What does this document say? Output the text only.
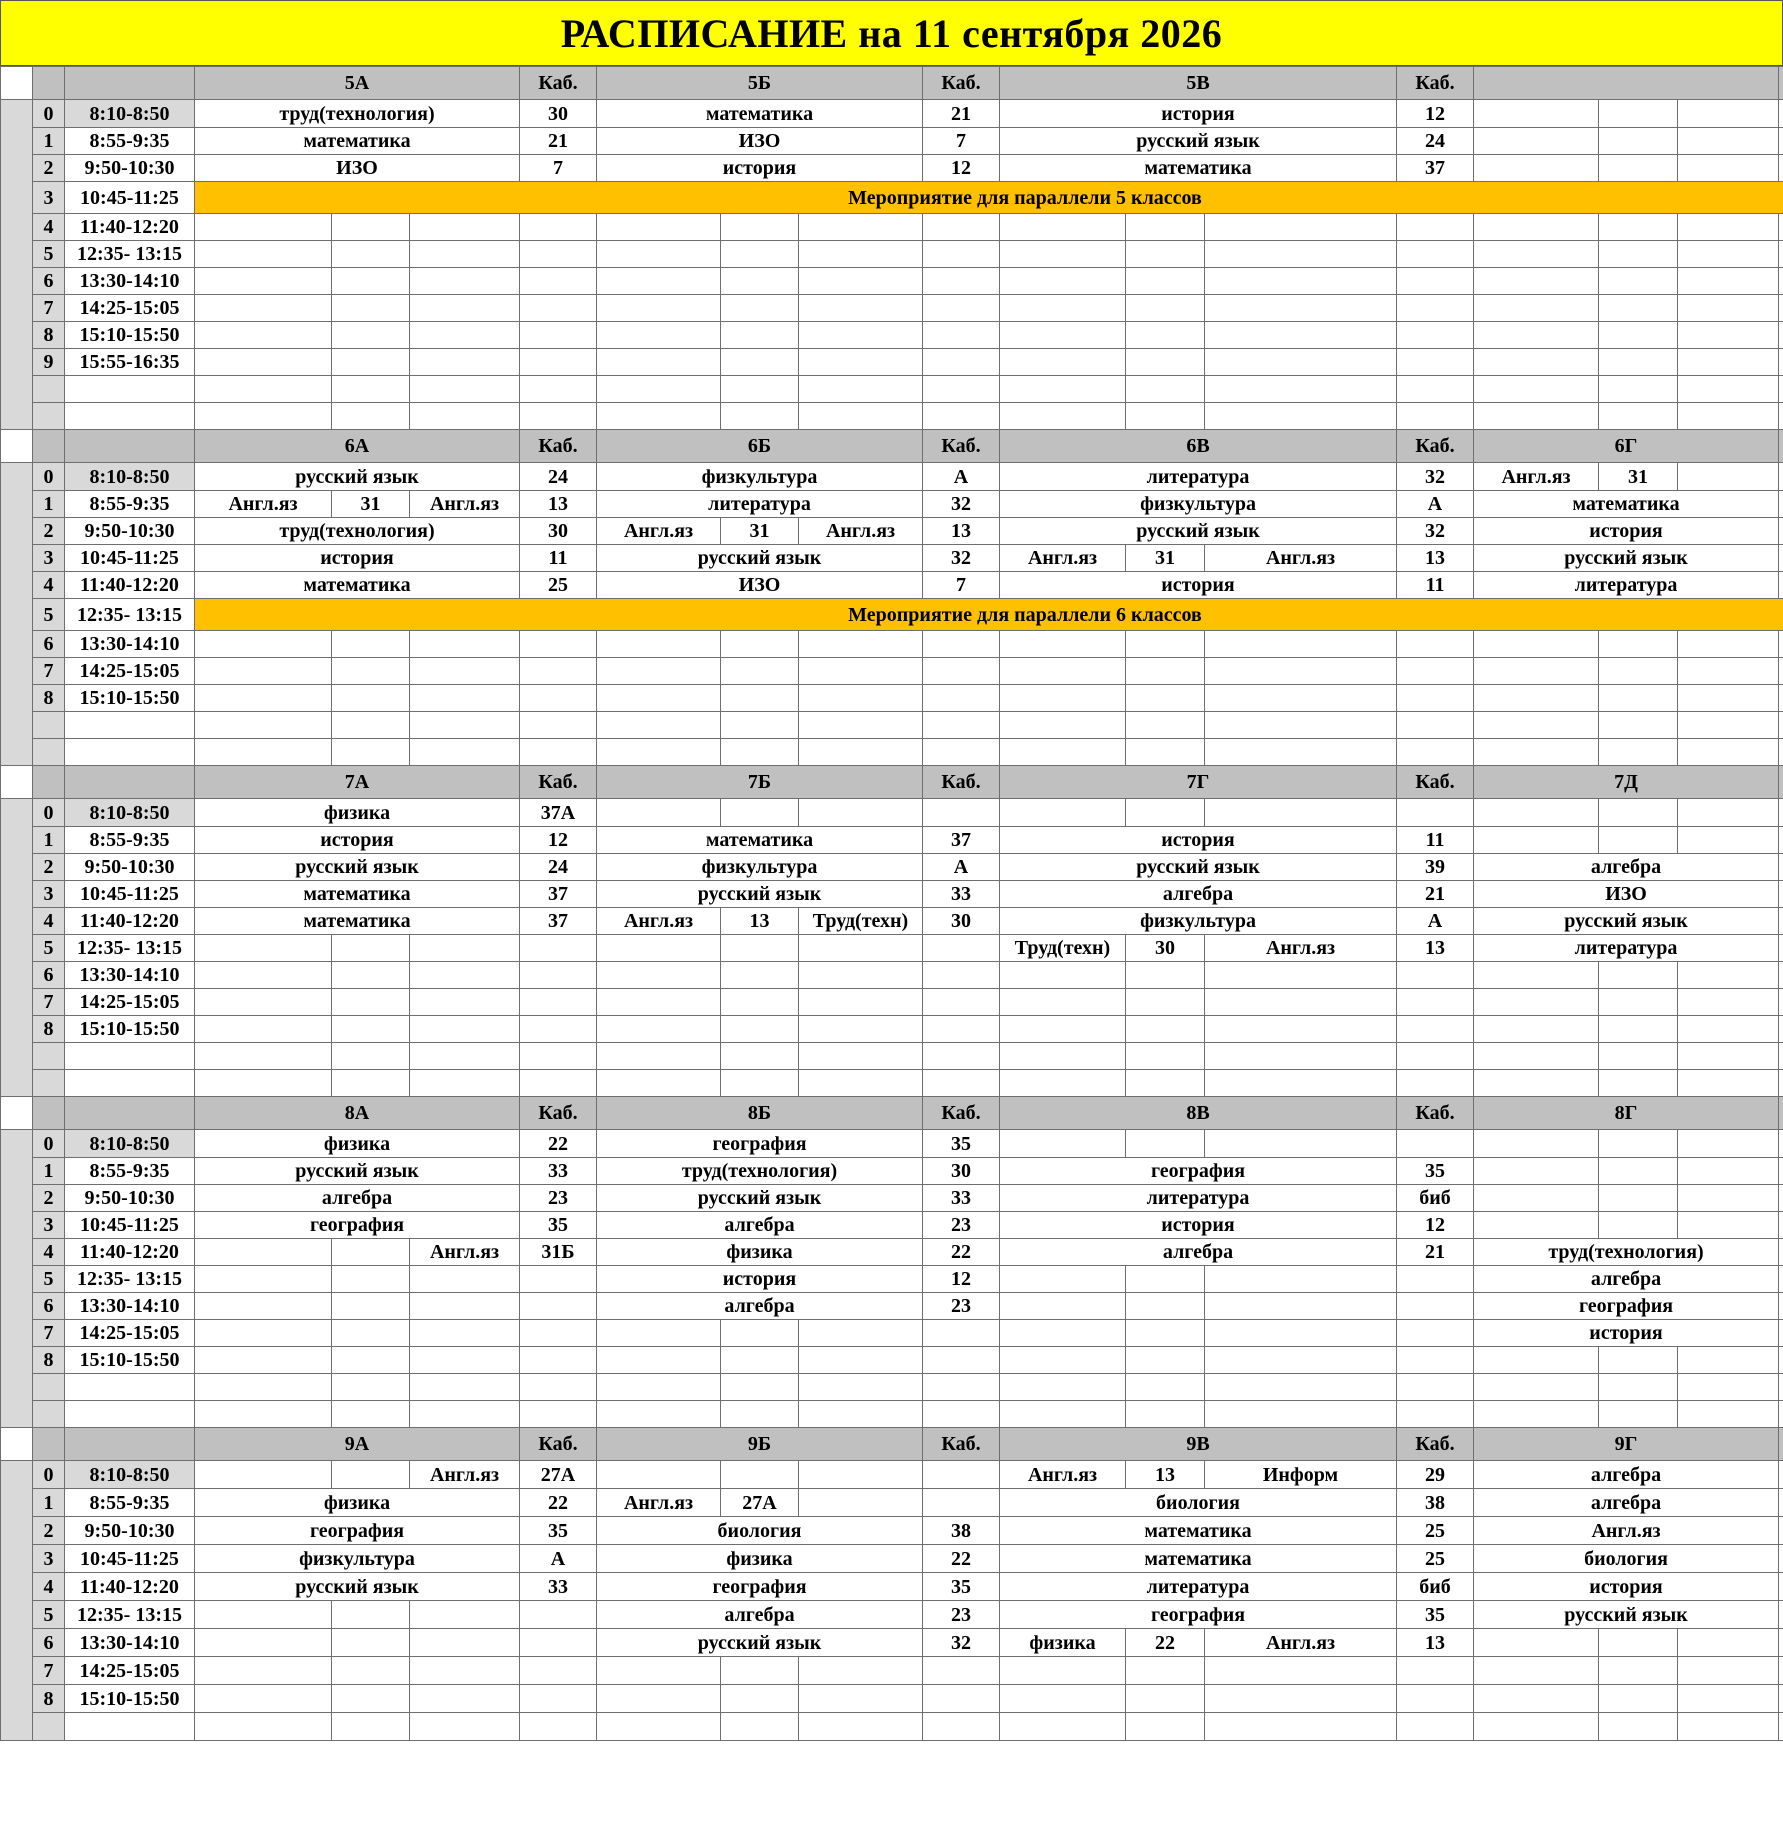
РАСПИСАНИЕ на 11 сентября 2026
			5А			Каб.	5Б			Каб.	5В			Каб.		
пятница	0	8:10-8:50	труд(технология)			30	математика			21	история			12				
	1	8:55-9:35	математика			21	ИЗО			7	русский язык			24				
	2	9:50-10:30	ИЗО			7	история			12	математика			37				
	3	10:45-11:25	Мероприятие для параллели 5 классов															
	4	11:40-12:20																
	5	12:35- 13:15																
	6	13:30-14:10																
	7	14:25-15:05																
	8	15:10-15:50																
	9	15:55-16:35																

			6А			Каб.	6Б			Каб.	6В			Каб.	6Г	
пятница	0	8:10-8:50	русский язык			24	физкультура			А	литература			32	Англ.яз	31		
	1	8:55-9:35	Англ.яз	31	Англ.яз	13	литература			32	физкультура			А	математика	
	2	9:50-10:30	труд(технология)			30	Англ.яз	31	Англ.яз	13	русский язык			32	история	
	3	10:45-11:25	история			11	русский язык			32	Англ.яз	31	Англ.яз	13	русский язык	
	4	11:40-12:20	математика			25	ИЗО			7	история			11	литература	
	5	12:35- 13:15	Мероприятие для параллели 6 классов															
	6	13:30-14:10																
	7	14:25-15:05																
	8	15:10-15:50																

			7А			Каб.	7Б			Каб.	7Г			Каб.	7Д	
пятница	0	8:10-8:50	физика			37А												
	1	8:55-9:35	история			12	математика			37	история			11				
	2	9:50-10:30	русский язык			24	физкультура			А	русский язык			39	алгебра	
	3	10:45-11:25	математика			37	русский язык			33	алгебра			21	ИЗО	
	4	11:40-12:20	математика			37	Англ.яз	13	Труд(техн)	30	физкультура			А	русский язык	
	5	12:35- 13:15									Труд(техн)	30	Англ.яз	13	литература	
	6	13:30-14:10																
	7	14:25-15:05																
	8	15:10-15:50																

			8А			Каб.	8Б			Каб.	8В			Каб.	8Г	
пятница	0	8:10-8:50	физика			22	география			35								
	1	8:55-9:35	русский язык			33	труд(технология)			30	география			35				
	2	9:50-10:30	алгебра			23	русский язык			33	литература			биб				
	3	10:45-11:25	география			35	алгебра			23	история			12				
	4	11:40-12:20			Англ.яз	31Б	физика			22	алгебра			21	труд(технология)	
	5	12:35- 13:15					история			12					алгебра	
	6	13:30-14:10					алгебра			23					география	
	7	14:25-15:05													история	
	8	15:10-15:50																

			9А			Каб.	9Б			Каб.	9В			Каб.	9Г	
пятница	0	8:10-8:50			Англ.яз	27А					Англ.яз	13	Информ	29	алгебра	
	1	8:55-9:35	физика			22	Англ.яз	27А			биология			38	алгебра	
	2	9:50-10:30	география			35	биология			38	математика			25	Англ.яз	
	3	10:45-11:25	физкультура			А	физика			22	математика			25	биология	
	4	11:40-12:20	русский язык			33	география			35	литература			биб	история	
	5	12:35- 13:15					алгебра			23	география			35	русский язык	
	6	13:30-14:10					русский язык			32	физика	22	Англ.яз	13				
	7	14:25-15:05																
	8	15:10-15:50																
